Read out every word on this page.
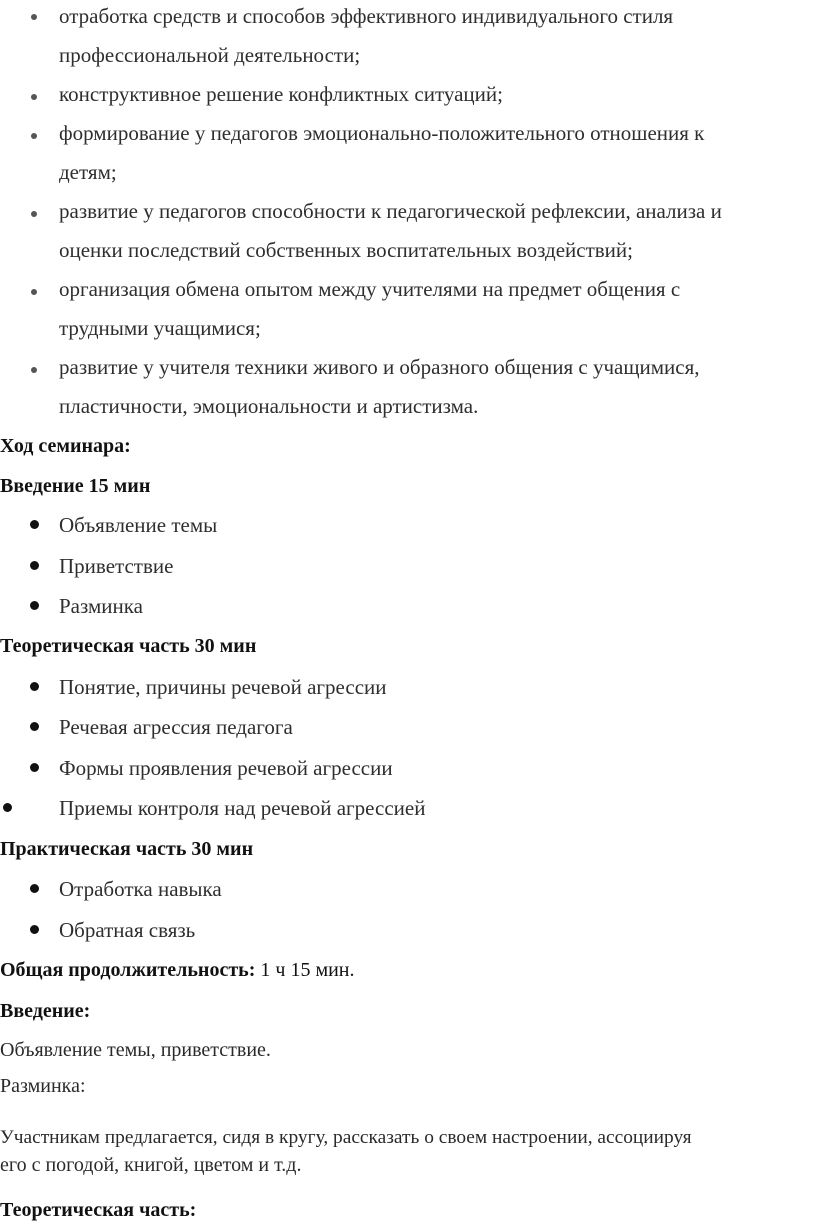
отработка средств и способов эффективного индивидуального стиля
профессиональной деятельности;
конструктивное решение конфликтных ситуаций;
формирование у педагогов эмоционально-положительного отношения к
детям;
развитие у педагогов способности к педагогической рефлексии, анализа и
оценки последствий собственных воспитательных воздействий;
организация обмена опытом между учителями на предмет общения с
трудными учащимися;
развитие у учителя техники живого и образного общения с учащимися,
пластичности, эмоциональности и артистизма.
Ход семинара:
Введение 15 мин
Объявление темы
Приветствие
Разминка
Теоретическая часть 30 мин
Понятие, причины речевой агрессии
Речевая агрессия педагога
Формы проявления речевой агрессии
Приемы контроля над речевой агрессией
Практическая часть 30 мин
Отработка навыка
Обратная связь
Общая продолжительность: 1 ч 15 мин.
Введение:
Объявление темы, приветствие.
Разминка:
Участникам предлагается, сидя в кругу, рассказать о своем настроении, ассоциируя
его с погодой, книгой, цветом и т.д.
Теоретическая часть:
